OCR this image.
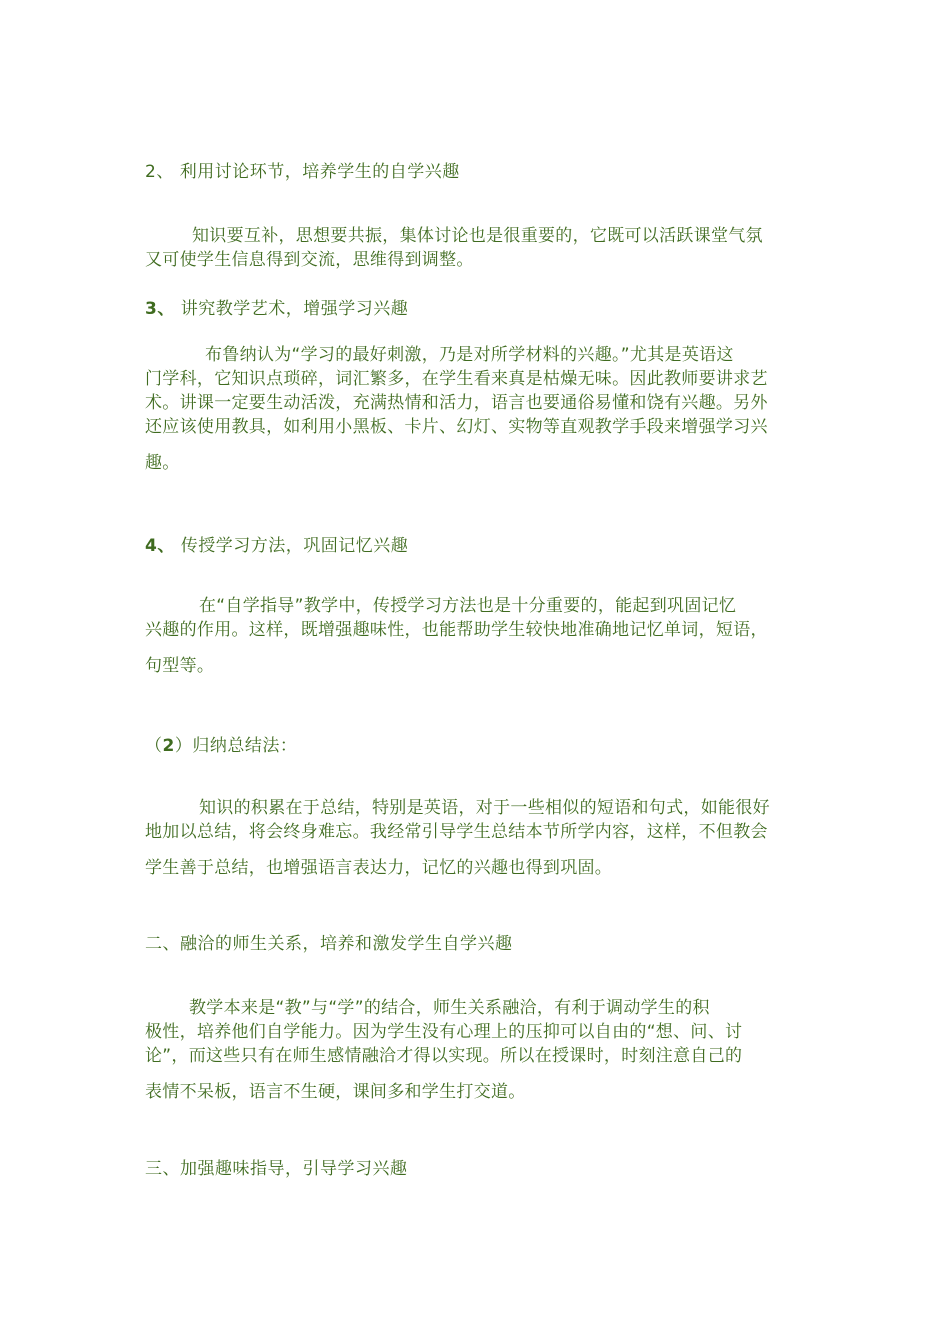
2、 利用讨论环节，培养学生的自学兴趣

知识要互补，思想要共振，集体讨论也是很重要的，它既可以活跃课堂气氛
又可使学生信息得到交流，思维得到调整。

3、 讲究教学艺术，增强学习兴趣

布鲁纳认为“学习的最好刺激，乃是对所学材料的兴趣。”尤其是英语这
门学科，它知识点琐碎，词汇繁多，在学生看来真是枯燥无味。因此教师要讲求艺
术。讲课一定要生动活泼，充满热情和活力，语言也要通俗易懂和饶有兴趣。另外
还应该使用教具，如利用小黑板、卡片、幻灯、实物等直观教学手段来增强学习兴
趣。

4、 传授学习方法，巩固记忆兴趣

在“自学指导”教学中，传授学习方法也是十分重要的，能起到巩固记忆
兴趣的作用。这样，既增强趣味性，也能帮助学生较快地准确地记忆单词，短语，
句型等。

（2）归纳总结法：

知识的积累在于总结，特别是英语，对于一些相似的短语和句式，如能很好
地加以总结，将会终身难忘。我经常引导学生总结本节所学内容，这样，不但教会
学生善于总结，也增强语言表达力，记忆的兴趣也得到巩固。

二、融洽的师生关系，培养和激发学生自学兴趣

教学本来是“教”与“学”的结合，师生关系融洽，有利于调动学生的积
极性，培养他们自学能力。因为学生没有心理上的压抑可以自由的“想、问、讨
论”，而这些只有在师生感情融洽才得以实现。所以在授课时，时刻注意自己的
表情不呆板，语言不生硬，课间多和学生打交道。

三、加强趣味指导，引导学习兴趣
